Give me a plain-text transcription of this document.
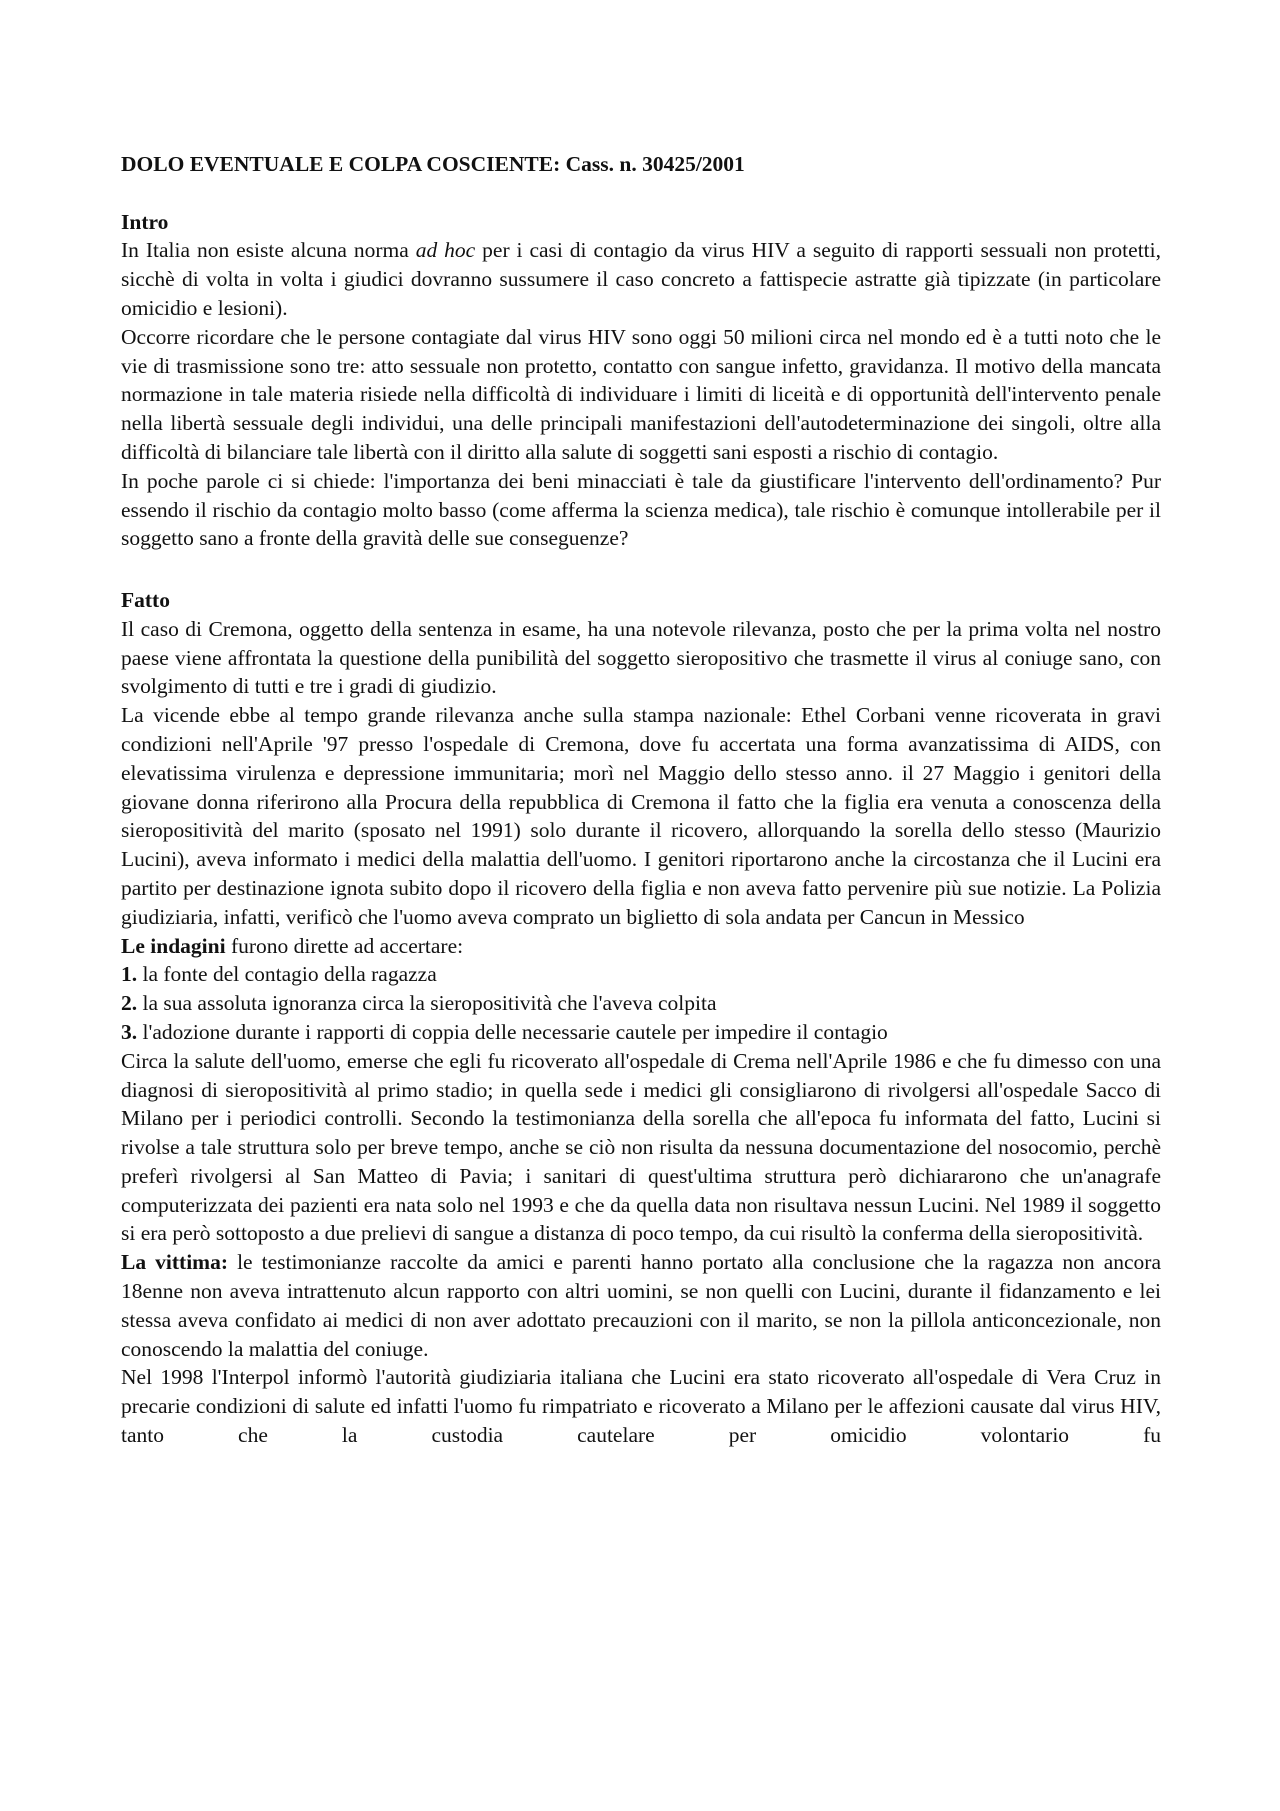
DOLO EVENTUALE E COLPA COSCIENTE: Cass. n. 30425/2001
Intro

In Italia non esiste alcuna norma ad hoc per i casi di contagio da virus HIV a seguito di rapporti sessuali non protetti, sicchè di volta in volta i giudici dovranno sussumere il caso concreto a fattispecie astratte già tipizzate (in particolare omicidio e lesioni).

Occorre ricordare che le persone contagiate dal virus HIV sono oggi 50 milioni circa nel mondo ed è a tutti noto che le vie di trasmissione sono tre: atto sessuale non protetto, contatto con sangue infetto, gravidanza. Il motivo della mancata normazione in tale materia risiede nella difficoltà di individuare i limiti di liceità e di opportunità dell'intervento penale nella libertà sessuale degli individui, una delle principali manifestazioni dell'autodeterminazione dei singoli, oltre alla difficoltà di bilanciare tale libertà con il diritto alla salute di soggetti sani esposti a rischio di contagio.

In poche parole ci si chiede: l'importanza dei beni minacciati è tale da giustificare l'intervento dell'ordinamento? Pur essendo il rischio da contagio molto basso (come afferma la scienza medica), tale rischio è comunque intollerabile per il soggetto sano a fronte della gravità delle sue conseguenze?

Fatto

Il caso di Cremona, oggetto della sentenza in esame, ha una notevole rilevanza, posto che per la prima volta nel nostro paese viene affrontata la questione della punibilità del soggetto sieropositivo che trasmette il virus al coniuge sano, con svolgimento di tutti e tre i gradi di giudizio.

La vicende ebbe al tempo grande rilevanza anche sulla stampa nazionale: Ethel Corbani venne ricoverata in gravi condizioni nell'Aprile '97 presso l'ospedale di Cremona, dove fu accertata una forma avanzatissima di AIDS, con elevatissima virulenza e depressione immunitaria; morì nel Maggio dello stesso anno. il 27 Maggio i genitori della giovane donna riferirono alla Procura della repubblica di Cremona il fatto che la figlia era venuta a conoscenza della sieropositività del marito (sposato nel 1991) solo durante il ricovero, allorquando la sorella dello stesso (Maurizio Lucini), aveva informato i medici della malattia dell'uomo. I genitori riportarono anche la circostanza che il Lucini era partito per destinazione ignota subito dopo il ricovero della figlia e non aveva fatto pervenire più sue notizie. La Polizia giudiziaria, infatti, verificò che l'uomo aveva comprato un biglietto di sola andata per Cancun in Messico

Le indagini furono dirette ad accertare:
1. la fonte del contagio della ragazza
2. la sua assoluta ignoranza circa la sieropositività che l'aveva colpita
3. l'adozione durante i rapporti di coppia delle necessarie cautele per impedire il contagio

Circa la salute dell'uomo, emerse che egli fu ricoverato all'ospedale di Crema nell'Aprile 1986 e che fu dimesso con una diagnosi di sieropositività al primo stadio; in quella sede i medici gli consigliarono di rivolgersi all'ospedale Sacco di Milano per i periodici controlli. Secondo la testimonianza della sorella che all'epoca fu informata del fatto, Lucini si rivolse a tale struttura solo per breve tempo, anche se ciò non risulta da nessuna documentazione del nosocomio, perchè preferì rivolgersi al San Matteo di Pavia; i sanitari di quest'ultima struttura però dichiararono che un'anagrafe computerizzata dei pazienti era nata solo nel 1993 e che da quella data non risultava nessun Lucini. Nel 1989 il soggetto si era però sottoposto a due prelievi di sangue a distanza di poco tempo, da cui risultò la conferma della sieropositività.

La vittima: le testimonianze raccolte da amici e parenti hanno portato alla conclusione che la ragazza non ancora 18enne non aveva intrattenuto alcun rapporto con altri uomini, se non quelli con Lucini, durante il fidanzamento e lei stessa aveva confidato ai medici di non aver adottato precauzioni con il marito, se non la pillola anticoncezionale, non conoscendo la malattia del coniuge.

Nel 1998 l'Interpol informò l'autorità giudiziaria italiana che Lucini era stato ricoverato all'ospedale di Vera Cruz in precarie condizioni di salute ed infatti l'uomo fu rimpatriato e ricoverato a Milano per le affezioni causate dal virus HIV, tanto che la custodia cautelare per omicidio volontario fu
